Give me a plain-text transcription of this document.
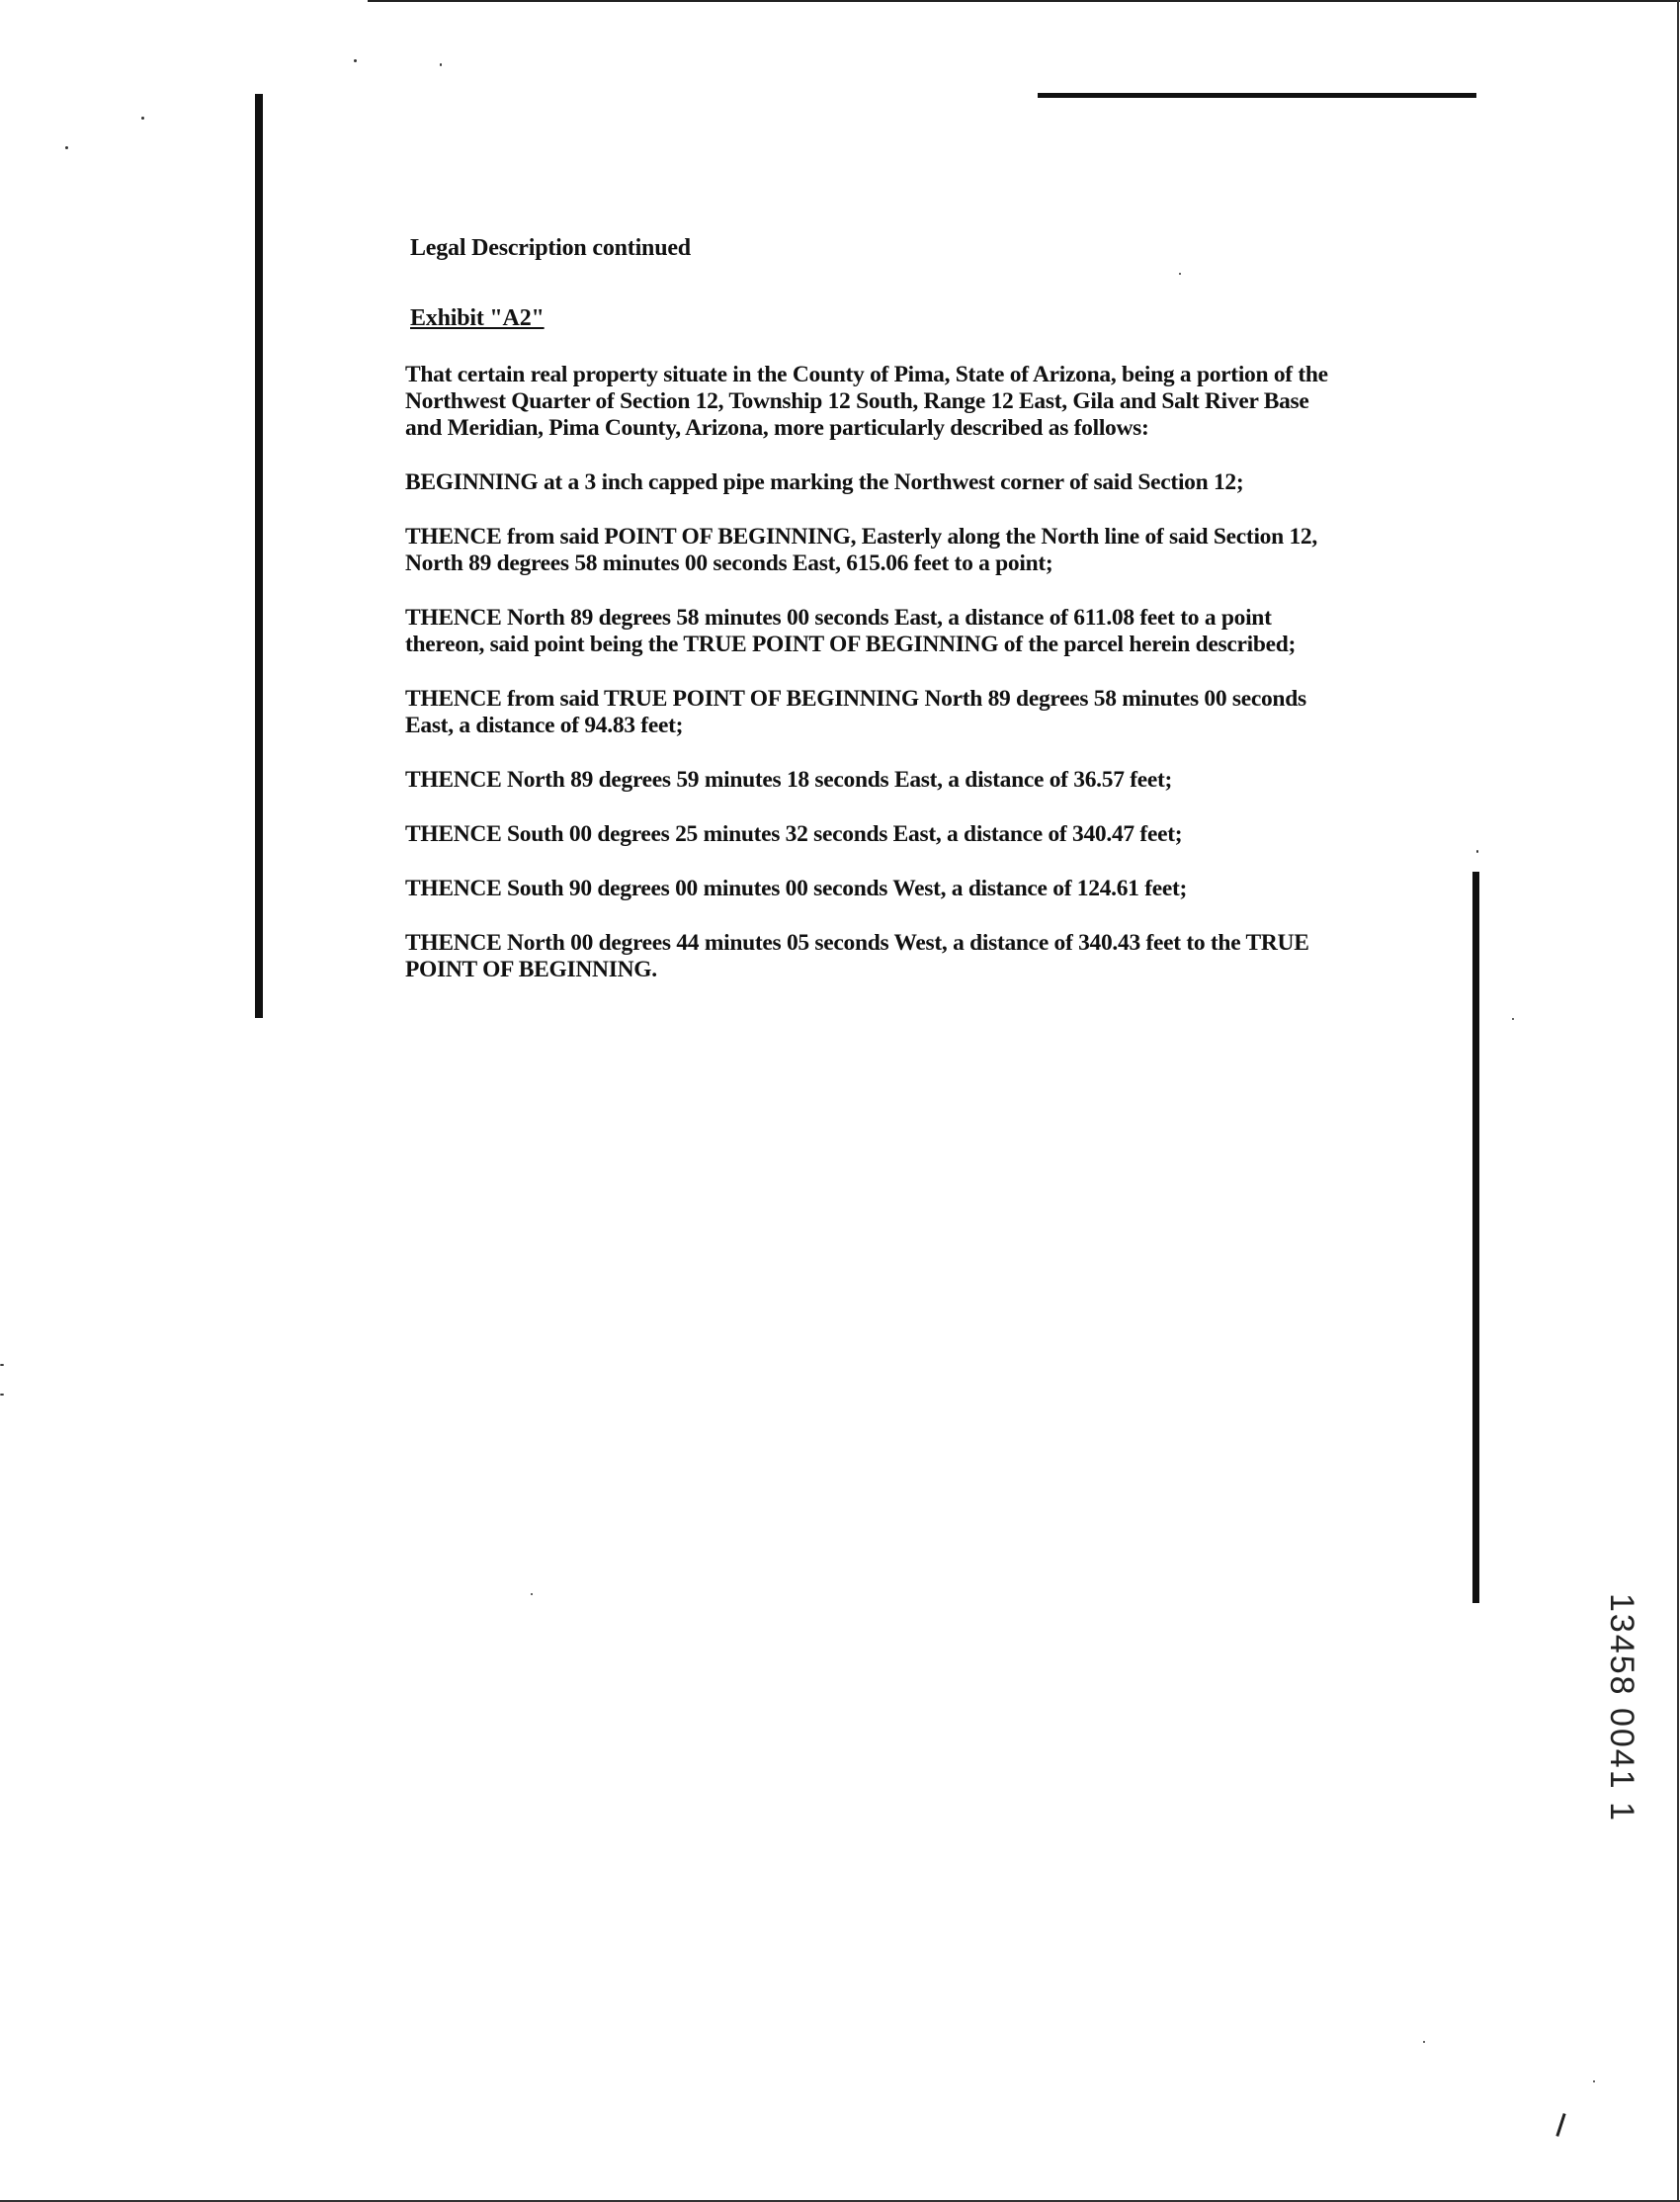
Legal Description continued
Exhibit "A2"

That certain real property situate in the County of Pima, State of Arizona, being a portion of the Northwest Quarter of Section 12, Township 12 South, Range 12 East, Gila and Salt River Base and Meridian, Pima County, Arizona, more particularly described as follows:

BEGINNING at a 3 inch capped pipe marking the Northwest corner of said Section 12;

THENCE from said POINT OF BEGINNING, Easterly along the North line of said Section 12, North 89 degrees 58 minutes 00 seconds East, 615.06 feet to a point;

THENCE North 89 degrees 58 minutes 00 seconds East, a distance of 611.08 feet to a point thereon, said point being the TRUE POINT OF BEGINNING of the parcel herein described;

THENCE from said TRUE POINT OF BEGINNING North 89 degrees 58 minutes 00 seconds East, a distance of 94.83 feet;

THENCE North 89 degrees 59 minutes 18 seconds East, a distance of 36.57 feet;

THENCE South 00 degrees 25 minutes 32 seconds East, a distance of 340.47 feet;

THENCE South 90 degrees 00 minutes 00 seconds West, a distance of 124.61 feet;

THENCE North 00 degrees 44 minutes 05 seconds West, a distance of 340.43 feet to the TRUE POINT OF BEGINNING.

13458 0041 1
